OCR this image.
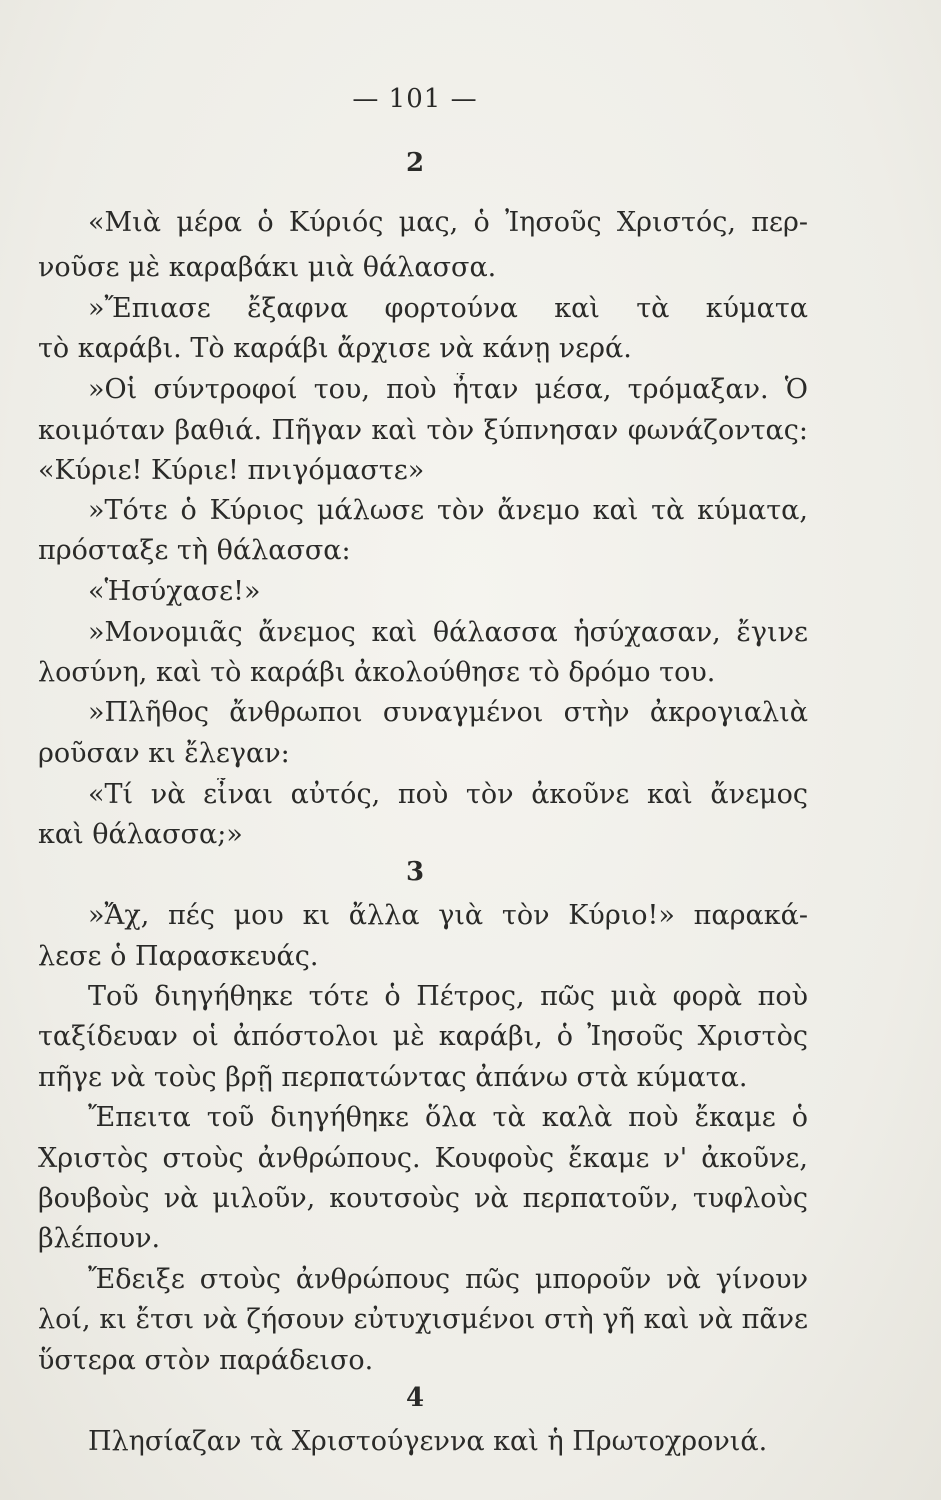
— 101 —
2
«Μιὰ μέρα ὁ Κύριός μας, ὁ Ἰησοῦς Χριστός, περ-
νοῦσε μὲ καραβάκι μιὰ θάλασσα.
»Ἔπιασε ἔξαφνα φορτούνα καὶ τὰ κύματα
τὸ καράβι. Τὸ καράβι ἄρχισε νὰ κάνῃ νερά.
»Οἱ σύντροφοί του, ποὺ ἦταν μέσα, τρόμαξαν. Ὁ
κοιμόταν βαθιά. Πῆγαν καὶ τὸν ξύπνησαν φωνάζοντας:
«Κύριε! Κύριε! πνιγόμαστε»
»Τότε ὁ Κύριος μάλωσε τὸν ἄνεμο καὶ τὰ κύματα,
πρόσταξε τὴ θάλασσα:
«Ἡσύχασε!»
»Μονομιᾶς ἄνεμος καὶ θάλασσα ἡσύχασαν, ἔγινε
λοσύνη, καὶ τὸ καράβι ἀκολούθησε τὸ δρόμο του.
»Πλῆθος ἄνθρωποι συναγμένοι στὴν ἀκρογιαλιὰ
ροῦσαν κι ἔλεγαν:
«Τί νὰ εἶναι αὐτός, ποὺ τὸν ἀκοῦνε καὶ ἄνεμος
καὶ θάλασσα;»
3
»Ἄχ, πές μου κι ἄλλα γιὰ τὸν Κύριο!» παρακά-
λεσε ὁ Παρασκευάς.
Τοῦ διηγήθηκε τότε ὁ Πέτρος, πῶς μιὰ φορὰ ποὺ
ταξίδευαν οἱ ἀπόστολοι μὲ καράβι, ὁ Ἰησοῦς Χριστὸς
πῆγε νὰ τοὺς βρῇ περπατώντας ἀπάνω στὰ κύματα.
Ἔπειτα τοῦ διηγήθηκε ὅλα τὰ καλὰ ποὺ ἔκαμε ὁ
Χριστὸς στοὺς ἀνθρώπους. Κουφοὺς ἔκαμε ν' ἀκοῦνε,
βουβοὺς νὰ μιλοῦν, κουτσοὺς νὰ περπατοῦν, τυφλοὺς
βλέπουν.
Ἔδειξε στοὺς ἀνθρώπους πῶς μποροῦν νὰ γίνουν
λοί, κι ἔτσι νὰ ζήσουν εὐτυχισμένοι στὴ γῆ καὶ νὰ πᾶνε
ὕστερα στὸν παράδεισο.
4
Πλησίαζαν τὰ Χριστούγεννα καὶ ἡ Πρωτοχρονιά.
